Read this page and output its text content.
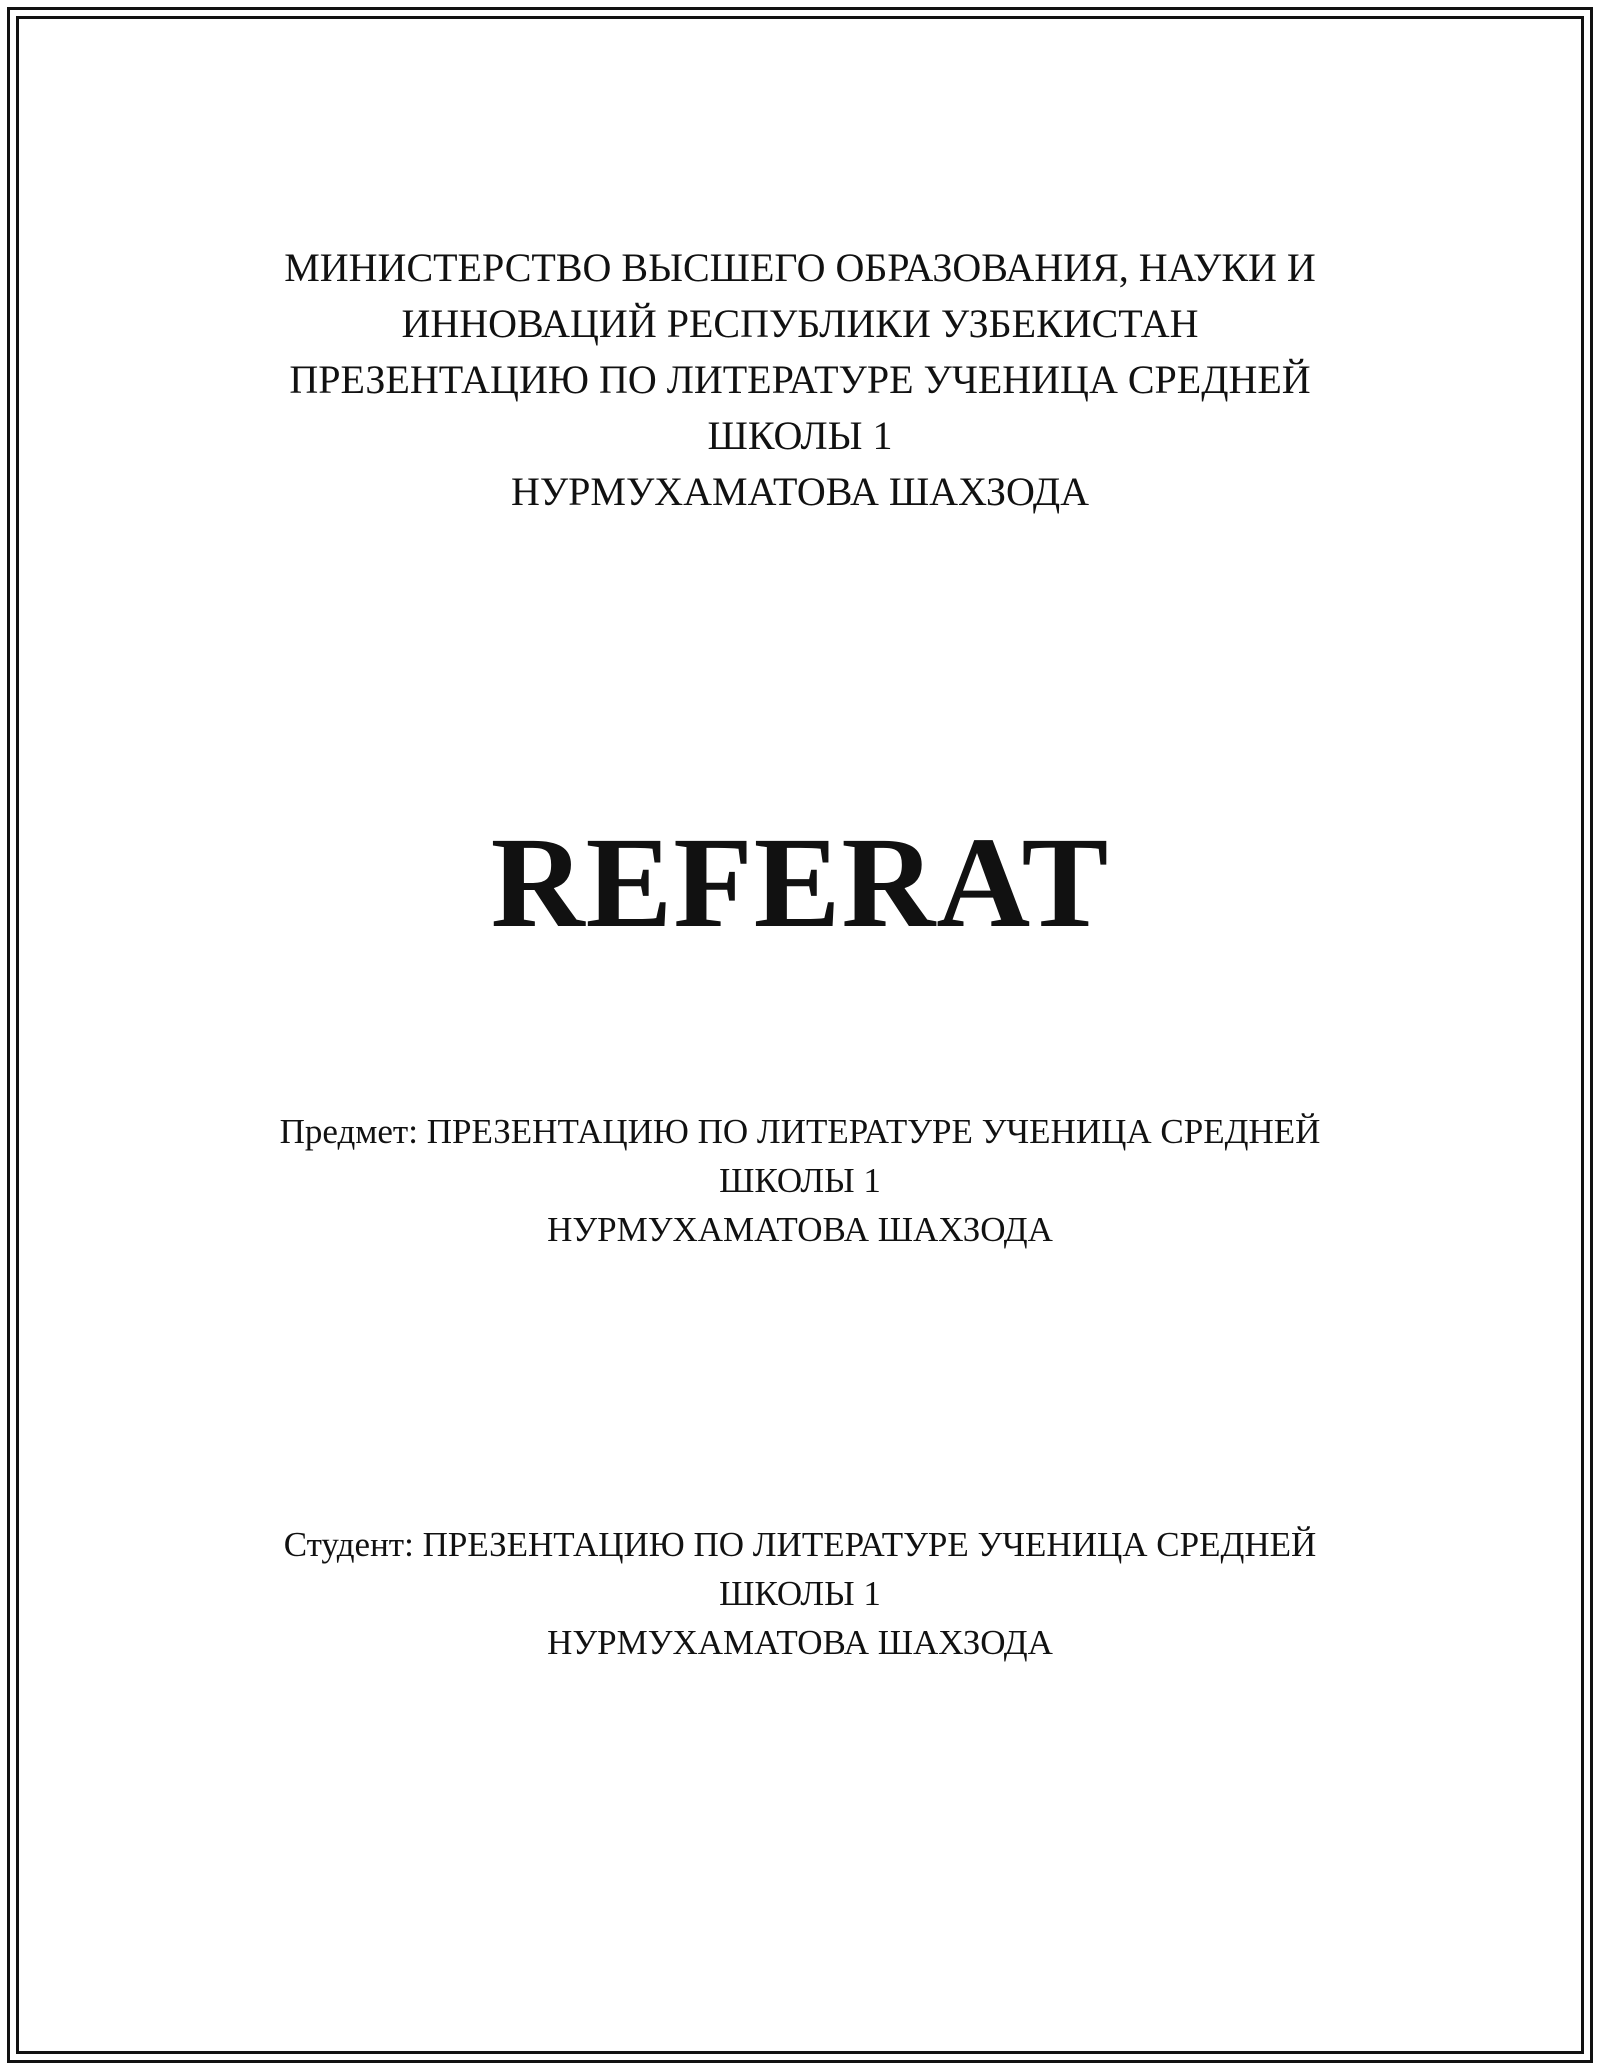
МИНИСТЕРСТВО ВЫСШЕГО ОБРАЗОВАНИЯ, НАУКИ И
ИННОВАЦИЙ РЕСПУБЛИКИ УЗБЕКИСТАН
ПРЕЗЕНТАЦИЮ ПО ЛИТЕРАТУРЕ УЧЕНИЦА СРЕДНЕЙ
ШКОЛЫ 1
НУРМУХАМАТОВА ШАХЗОДА
REFERAT
Предмет: ПРЕЗЕНТАЦИЮ ПО ЛИТЕРАТУРЕ УЧЕНИЦА СРЕДНЕЙ
ШКОЛЫ 1
НУРМУХАМАТОВА ШАХЗОДА
Студент: ПРЕЗЕНТАЦИЮ ПО ЛИТЕРАТУРЕ УЧЕНИЦА СРЕДНЕЙ
ШКОЛЫ 1
НУРМУХАМАТОВА ШАХЗОДА
